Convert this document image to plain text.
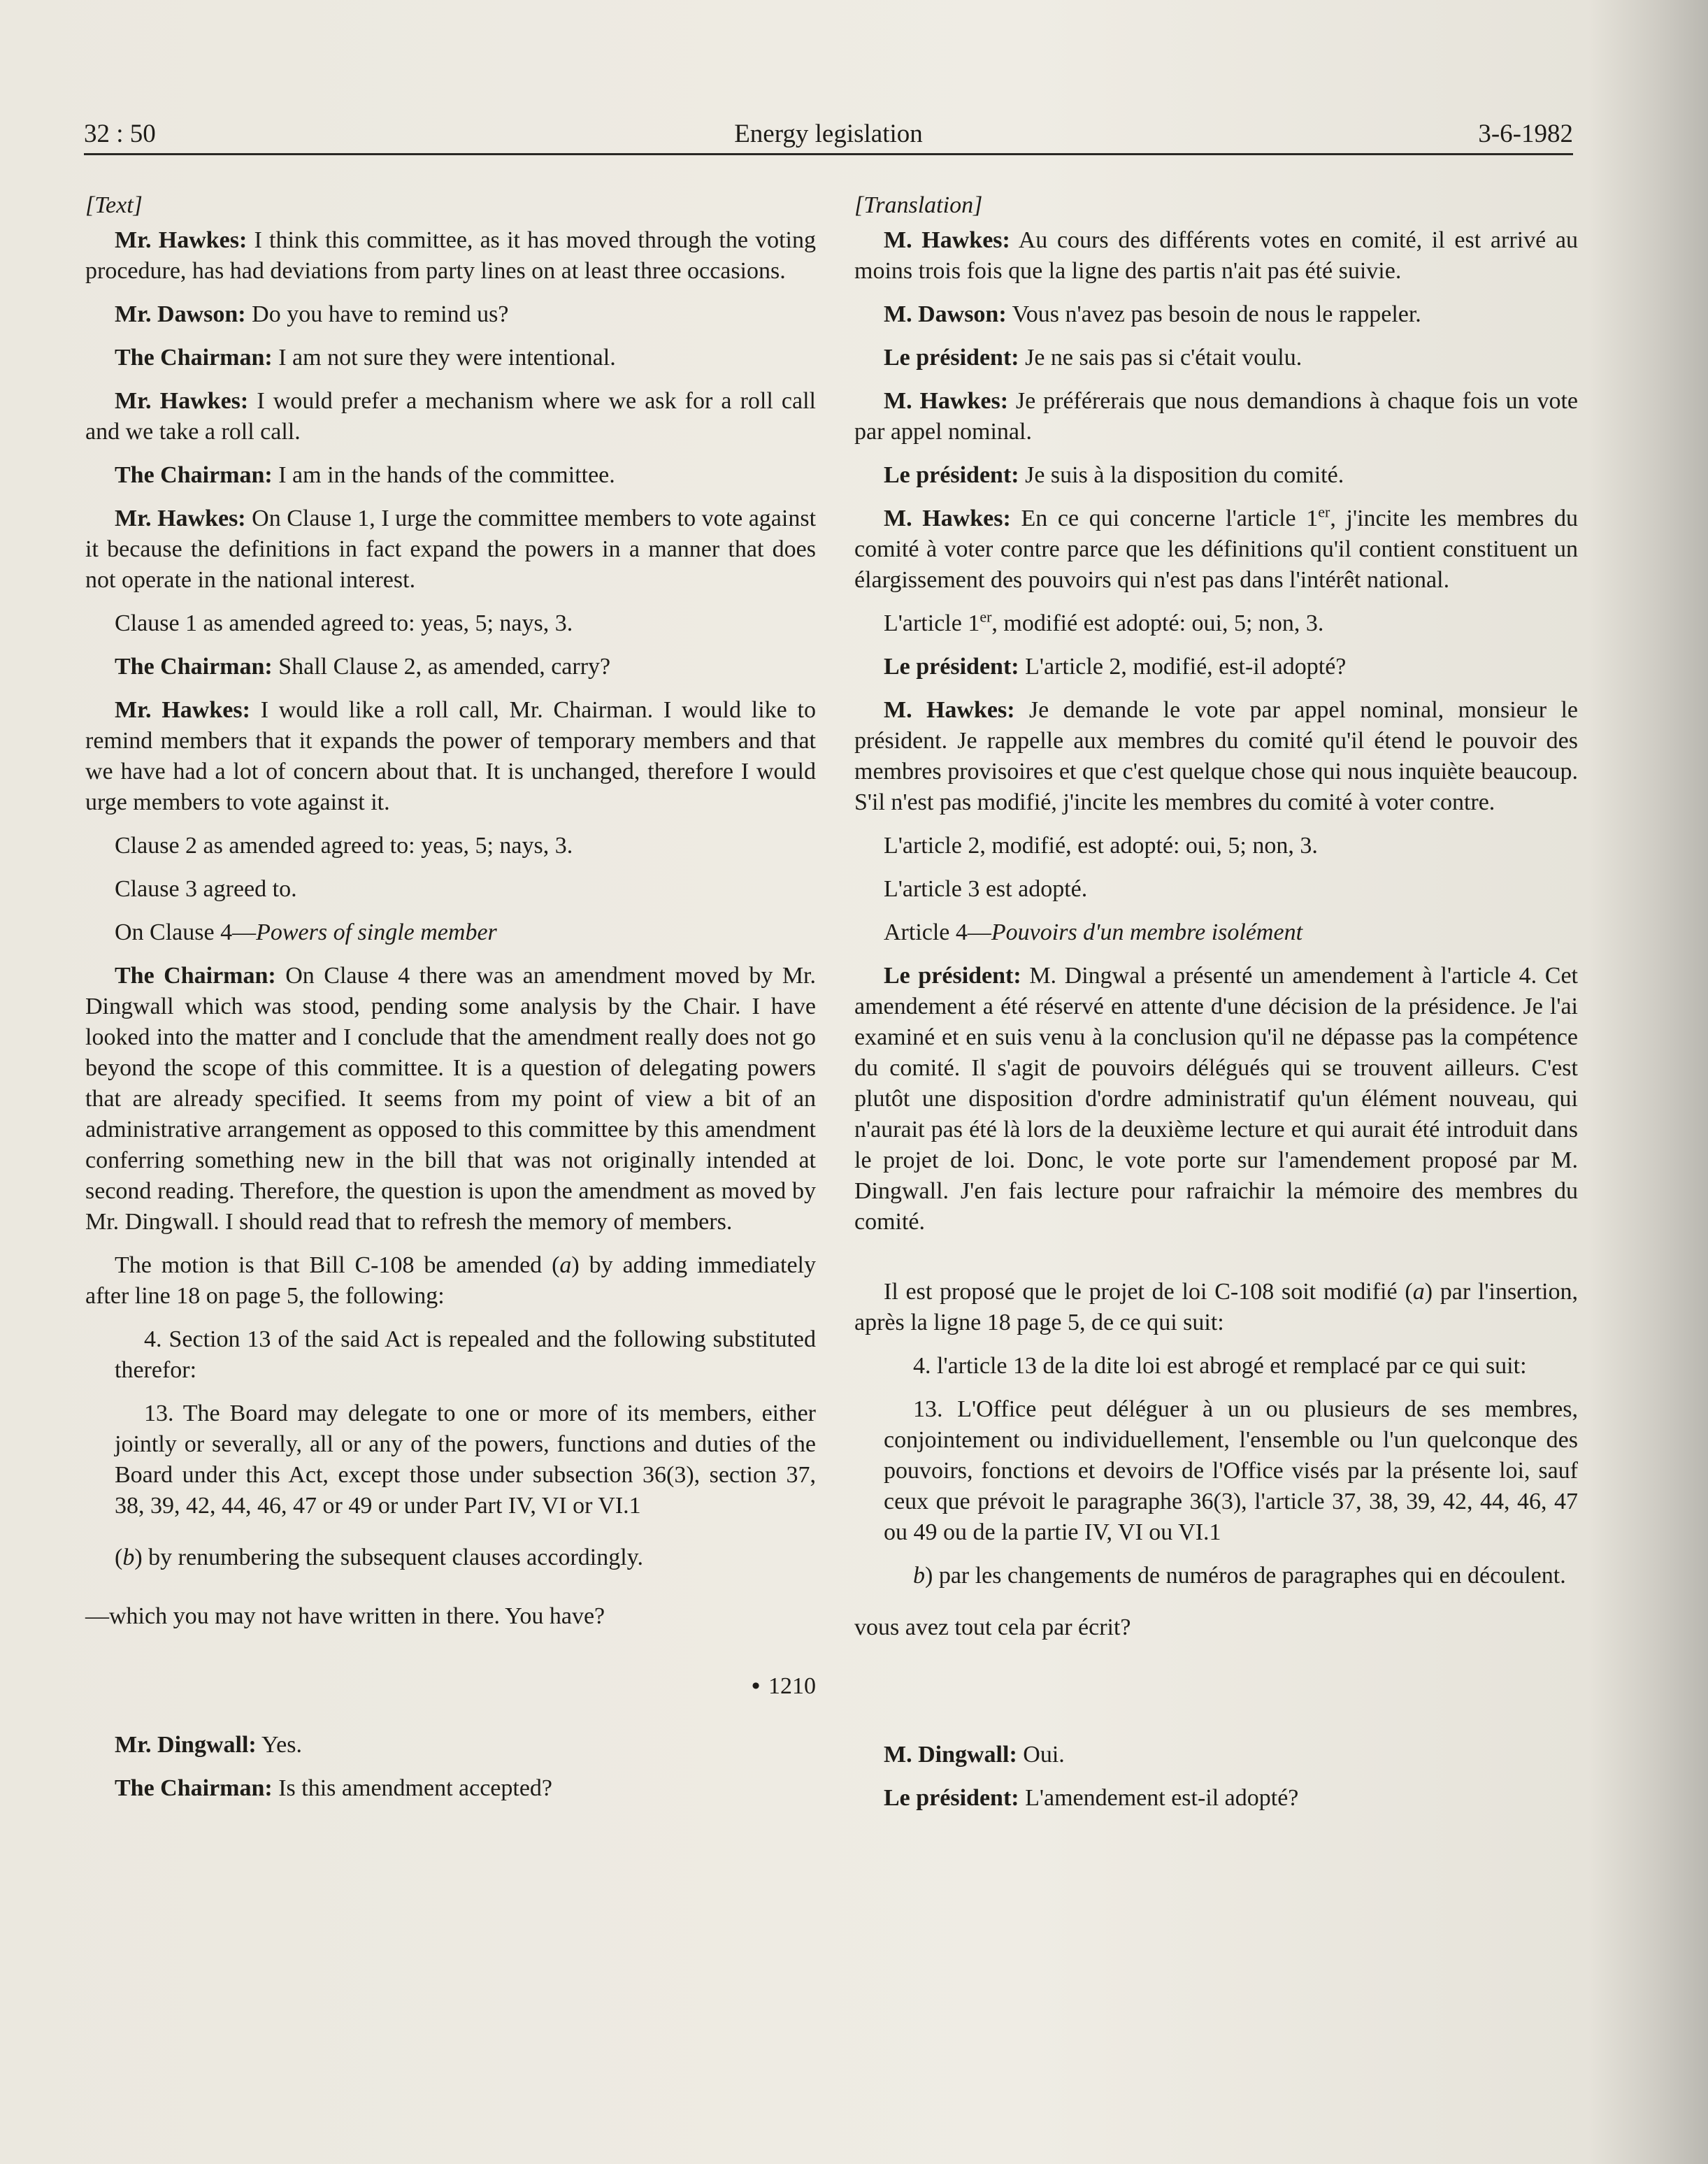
32 : 50	Energy legislation	3-6-1982

[Text]

Mr. Hawkes: I think this committee, as it has moved through the voting procedure, has had deviations from party lines on at least three occasions.

Mr. Dawson: Do you have to remind us?

The Chairman: I am not sure they were intentional.

Mr. Hawkes: I would prefer a mechanism where we ask for a roll call and we take a roll call.

The Chairman: I am in the hands of the committee.

Mr. Hawkes: On Clause 1, I urge the committee members to vote against it because the definitions in fact expand the powers in a manner that does not operate in the national interest.

Clause 1 as amended agreed to: yeas, 5; nays, 3.

The Chairman: Shall Clause 2, as amended, carry?

Mr. Hawkes: I would like a roll call, Mr. Chairman. I would like to remind members that it expands the power of temporary members and that we have had a lot of concern about that. It is unchanged, therefore I would urge members to vote against it.

Clause 2 as amended agreed to: yeas, 5; nays, 3.

Clause 3 agreed to.

On Clause 4—Powers of single member

The Chairman: On Clause 4 there was an amendment moved by Mr. Dingwall which was stood, pending some analysis by the Chair. I have looked into the matter and I conclude that the amendment really does not go beyond the scope of this committee. It is a question of delegating powers that are already specified. It seems from my point of view a bit of an administrative arrangement as opposed to this committee by this amendment conferring something new in the bill that was not originally intended at second reading. Therefore, the question is upon the amendment as moved by Mr. Dingwall. I should read that to refresh the memory of members.

The motion is that Bill C-108 be amended (a) by adding immediately after line 18 on page 5, the following:

4. Section 13 of the said Act is repealed and the following substituted therefor:

13. The Board may delegate to one or more of its members, either jointly or severally, all or any of the powers, functions and duties of the Board under this Act, except those under subsection 36(3), section 37, 38, 39, 42, 44, 46, 47 or 49 or under Part IV, VI or VI.1

(b) by renumbering the subsequent clauses accordingly.

—which you may not have written in there. You have?

• 1210

Mr. Dingwall: Yes.

The Chairman: Is this amendment accepted?

[Translation]

M. Hawkes: Au cours des différents votes en comité, il est arrivé au moins trois fois que la ligne des partis n'ait pas été suivie.

M. Dawson: Vous n'avez pas besoin de nous le rappeler.

Le président: Je ne sais pas si c'était voulu.

M. Hawkes: Je préférerais que nous demandions à chaque fois un vote par appel nominal.

Le président: Je suis à la disposition du comité.

M. Hawkes: En ce qui concerne l'article 1er, j'incite les membres du comité à voter contre parce que les définitions qu'il contient constituent un élargissement des pouvoirs qui n'est pas dans l'intérêt national.

L'article 1er, modifié est adopté: oui, 5; non, 3.

Le président: L'article 2, modifié, est-il adopté?

M. Hawkes: Je demande le vote par appel nominal, monsieur le président. Je rappelle aux membres du comité qu'il étend le pouvoir des membres provisoires et que c'est quelque chose qui nous inquiète beaucoup. S'il n'est pas modifié, j'incite les membres du comité à voter contre.

L'article 2, modifié, est adopté: oui, 5; non, 3.

L'article 3 est adopté.

Article 4—Pouvoirs d'un membre isolément

Le président: M. Dingwal a présenté un amendement à l'article 4. Cet amendement a été réservé en attente d'une décision de la présidence. Je l'ai examiné et en suis venu à la conclusion qu'il ne dépasse pas la compétence du comité. Il s'agit de pouvoirs délégués qui se trouvent ailleurs. C'est plutôt une disposition d'ordre administratif qu'un élément nouveau, qui n'aurait pas été là lors de la deuxième lecture et qui aurait été introduit dans le projet de loi. Donc, le vote porte sur l'amendement proposé par M. Dingwall. J'en fais lecture pour rafraichir la mémoire des membres du comité.

Il est proposé que le projet de loi C-108 soit modifié (a) par l'insertion, après la ligne 18 page 5, de ce qui suit:

4. l'article 13 de la dite loi est abrogé et remplacé par ce qui suit:

13. L'Office peut déléguer à un ou plusieurs de ses membres, conjointement ou individuellement, l'ensemble ou l'un quelconque des pouvoirs, fonctions et devoirs de l'Office visés par la présente loi, sauf ceux que prévoit le paragraphe 36(3), l'article 37, 38, 39, 42, 44, 46, 47 ou 49 ou de la partie IV, VI ou VI.1

b) par les changements de numéros de paragraphes qui en découlent.

vous avez tout cela par écrit?

M. Dingwall: Oui.

Le président: L'amendement est-il adopté?
